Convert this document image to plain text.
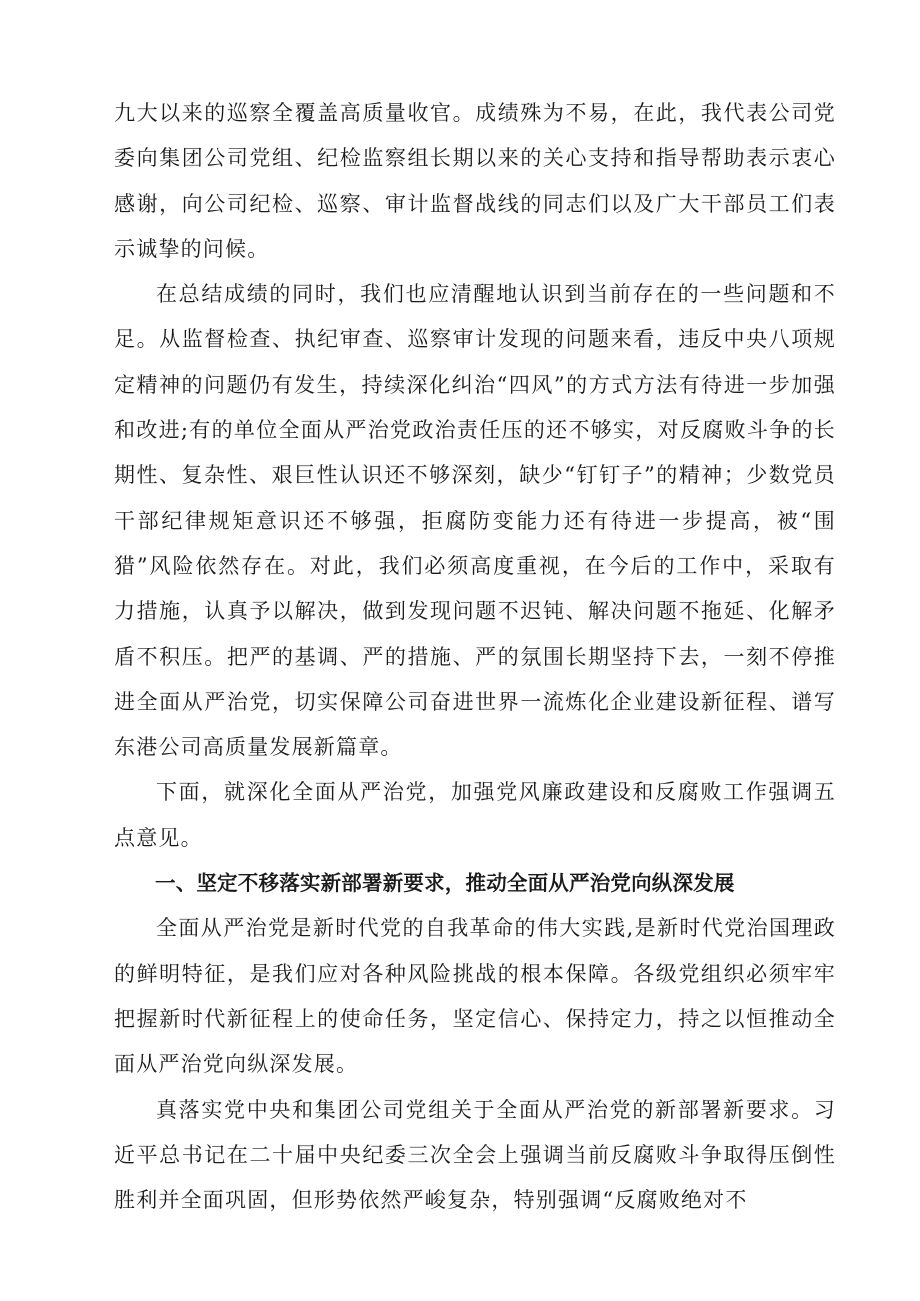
九大以来的巡察全覆盖高质量收官。成绩殊为不易，在此，我代表公司党委向集团公司党组、纪检监察组长期以来的关心支持和指导帮助表示衷心感谢，向公司纪检、巡察、审计监督战线的同志们以及广大干部员工们表示诚挚的问候。

在总结成绩的同时，我们也应清醒地认识到当前存在的一些问题和不足。从监督检查、执纪审查、巡察审计发现的问题来看，违反中央八项规定精神的问题仍有发生，持续深化纠治“四风”的方式方法有待进一步加强和改进;有的单位全面从严治党政治责任压的还不够实，对反腐败斗争的长期性、复杂性、艰巨性认识还不够深刻，缺少“钉钉子”的精神；少数党员干部纪律规矩意识还不够强，拒腐防变能力还有待进一步提高，被“围猎”风险依然存在。对此，我们必须高度重视，在今后的工作中，采取有力措施，认真予以解决，做到发现问题不迟钝、解决问题不拖延、化解矛盾不积压。把严的基调、严的措施、严的氛围长期坚持下去，一刻不停推进全面从严治党，切实保障公司奋进世界一流炼化企业建设新征程、谱写东港公司高质量发展新篇章。

下面，就深化全面从严治党，加强党风廉政建设和反腐败工作强调五点意见。

一、坚定不移落实新部署新要求，推动全面从严治党向纵深发展

全面从严治党是新时代党的自我革命的伟大实践,是新时代党治国理政的鲜明特征，是我们应对各种风险挑战的根本保障。各级党组织必须牢牢把握新时代新征程上的使命任务，坚定信心、保持定力，持之以恒推动全面从严治党向纵深发展。

真落实党中央和集团公司党组关于全面从严治党的新部署新要求。习近平总书记在二十届中央纪委三次全会上强调当前反腐败斗争取得压倒性胜利并全面巩固，但形势依然严峻复杂，特别强调“反腐败绝对不
